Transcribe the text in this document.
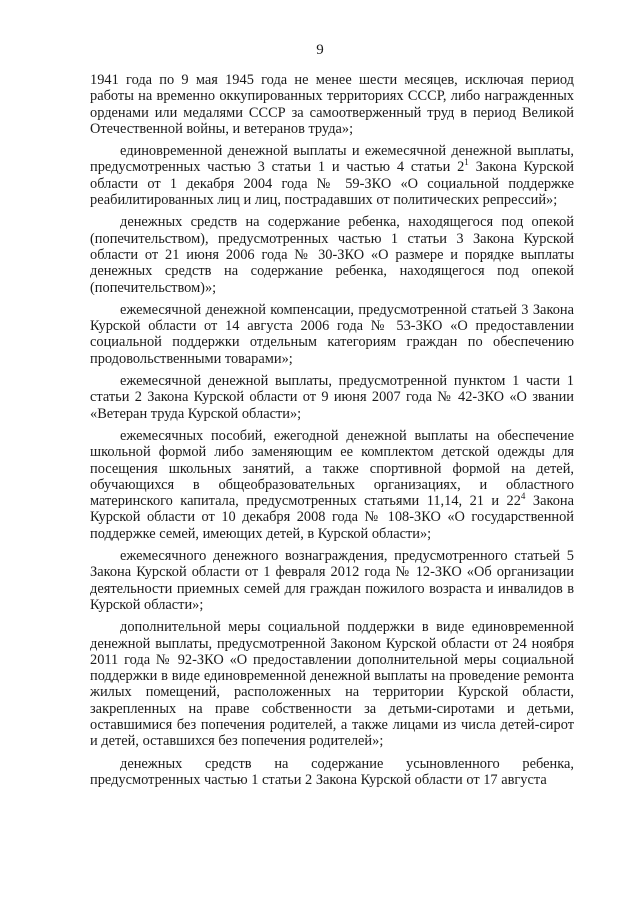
9

1941 года по 9 мая 1945 года не менее шести месяцев, исключая период работы на временно оккупированных территориях СССР, либо награжденных орденами или медалями СССР за самоотверженный труд в период Великой Отечественной войны, и ветеранов труда»;

единовременной денежной выплаты и ежемесячной денежной выплаты, предусмотренных частью 3 статьи 1 и частью 4 статьи $2^1$ Закона Курской области от 1 декабря 2004 года № 59-ЗКО «О социальной поддержке реабилитированных лиц и лиц, пострадавших от политических репрессий»;

денежных средств на содержание ребенка, находящегося под опекой (попечительством), предусмотренных частью 1 статьи 3 Закона Курской области от 21 июня 2006 года № 30-ЗКО «О размере и порядке выплаты денежных средств на содержание ребенка, находящегося под опекой (попечительством)»;

ежемесячной денежной компенсации, предусмотренной статьей 3 Закона Курской области от 14 августа 2006 года № 53-ЗКО «О предоставлении социальной поддержки отдельным категориям граждан по обеспечению продовольственными товарами»;

ежемесячной денежной выплаты, предусмотренной пунктом 1 части 1 статьи 2 Закона Курской области от 9 июня 2007 года № 42-ЗКО «О звании «Ветеран труда Курской области»;

ежемесячных пособий, ежегодной денежной выплаты на обеспечение школьной формой либо заменяющим ее комплектом детской одежды для посещения школьных занятий, а также спортивной формой на детей, обучающихся в общеобразовательных организациях, и областного материнского капитала, предусмотренных статьями 11,14, 21 и $22^4$ Закона Курской области от 10 декабря 2008 года № 108-ЗКО «О государственной поддержке семей, имеющих детей, в Курской области»;

ежемесячного денежного вознаграждения, предусмотренного статьей 5 Закона Курской области от 1 февраля 2012 года № 12-ЗКО «Об организации деятельности приемных семей для граждан пожилого возраста и инвалидов в Курской области»;

дополнительной меры социальной поддержки в виде единовременной денежной выплаты, предусмотренной Законом Курской области от 24 ноября 2011 года № 92-ЗКО «О предоставлении дополнительной меры социальной поддержки в виде единовременной денежной выплаты на проведение ремонта жилых помещений, расположенных на территории Курской области, закрепленных на праве собственности за детьми-сиротами и детьми, оставшимися без попечения родителей, а также лицами из числа детей-сирот и детей, оставшихся без попечения родителей»;

денежных средств на содержание усыновленного ребенка, предусмотренных частью 1 статьи 2 Закона Курской области от 17 августа
